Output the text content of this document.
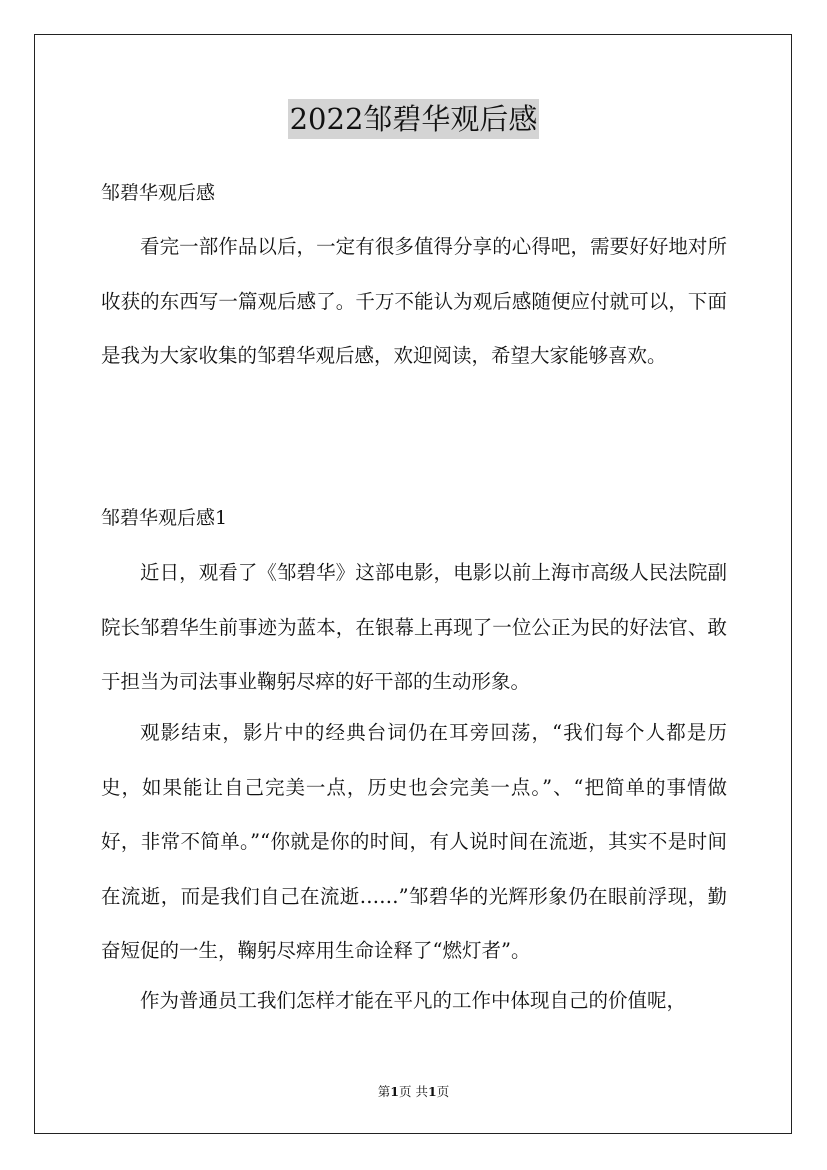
2022邹碧华观后感
邹碧华观后感
看完一部作品以后，一定有很多值得分享的心得吧，需要好好地对所收获的东西写一篇观后感了。千万不能认为观后感随便应付就可以，下面是我为大家收集的邹碧华观后感，欢迎阅读，希望大家能够喜欢。
邹碧华观后感1
近日，观看了《邹碧华》这部电影，电影以前上海市高级人民法院副院长邹碧华生前事迹为蓝本，在银幕上再现了一位公正为民的好法官、敢于担当为司法事业鞠躬尽瘁的好干部的生动形象。
观影结束，影片中的经典台词仍在耳旁回荡，“我们每个人都是历史，如果能让自己完美一点，历史也会完美一点。”、“把简单的事情做好，非常不简单。”“你就是你的时间，有人说时间在流逝，其实不是时间在流逝，而是我们自己在流逝……”邹碧华的光辉形象仍在眼前浮现，勤奋短促的一生，鞠躬尽瘁用生命诠释了“燃灯者”。
作为普通员工我们怎样才能在平凡的工作中体现自己的价值呢，
第1页 共1页
